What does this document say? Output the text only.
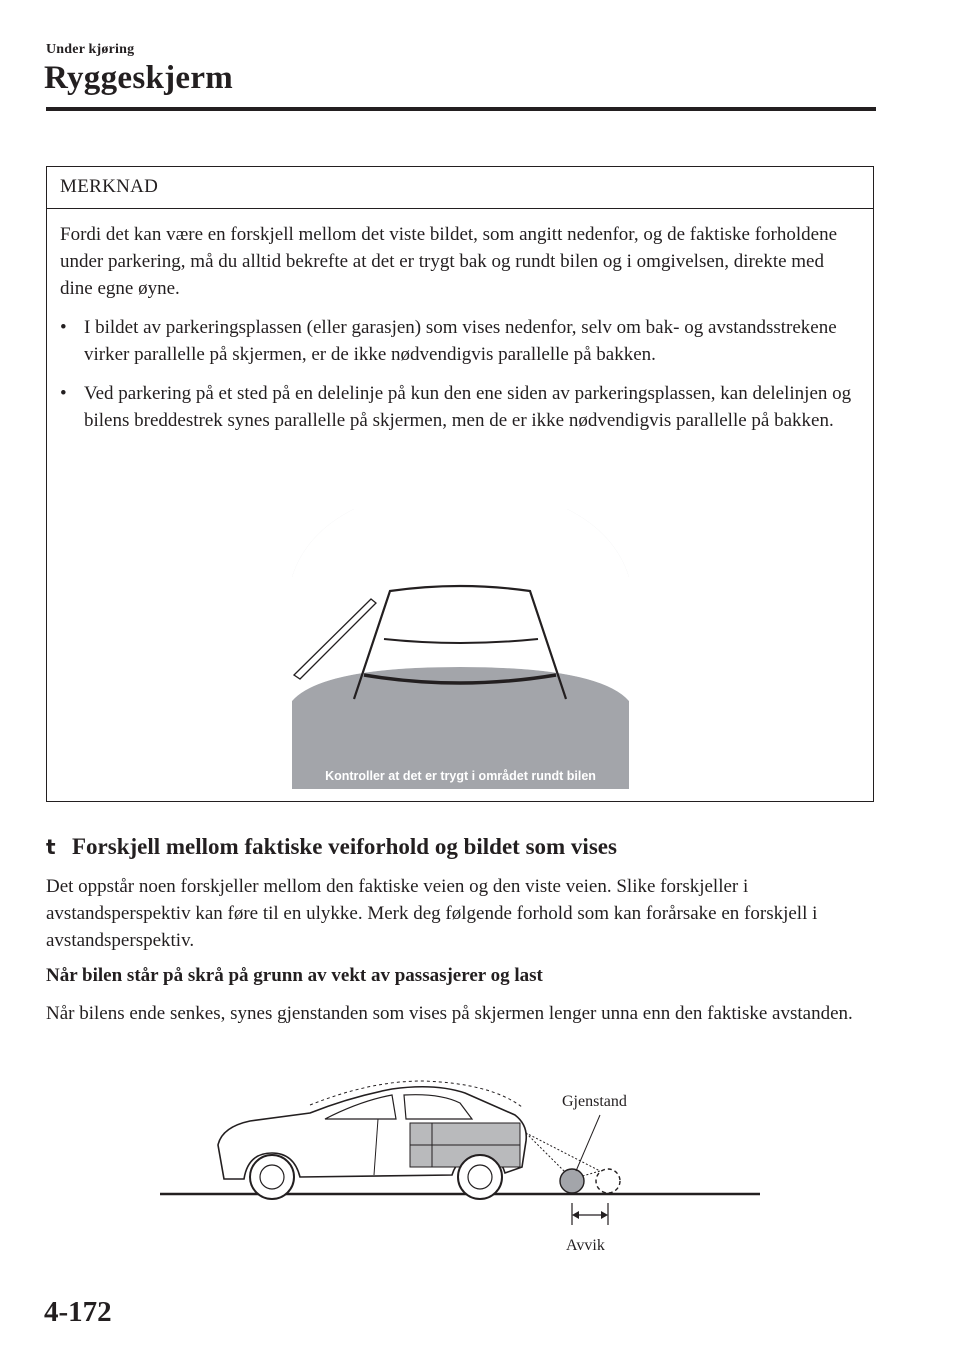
Under kjøring
Ryggeskjerm
MERKNAD

Fordi det kan være en forskjell mellom det viste bildet, som angitt nedenfor, og de faktiske forholdene under parkering, må du alltid bekrefte at det er trygt bak og rundt bilen og i omgivelsen, direkte med dine egne øyne.

• I bildet av parkeringsplassen (eller garasjen) som vises nedenfor, selv om bak- og avstandsstrekene virker parallelle på skjermen, er de ikke nødvendigvis parallelle på bakken.
• Ved parkering på et sted på en delelinje på kun den ene siden av parkeringsplassen, kan delelinjen og bilens breddestrek synes parallelle på skjermen, men de er ikke nødvendigvis parallelle på bakken.
Kontroller at det er trygt i området rundt bilen
t Forskjell mellom faktiske veiforhold og bildet som vises

Det oppstår noen forskjeller mellom den faktiske veien og den viste veien. Slike forskjeller i avstandsperspektiv kan føre til en ulykke. Merk deg følgende forhold som kan forårsake en forskjell i avstandsperspektiv.

Når bilen står på skrå på grunn av vekt av passasjerer og last

Når bilens ende senkes, synes gjenstanden som vises på skjermen lenger unna enn den faktiske avstanden.

Gjenstand
Avvik
4-172
